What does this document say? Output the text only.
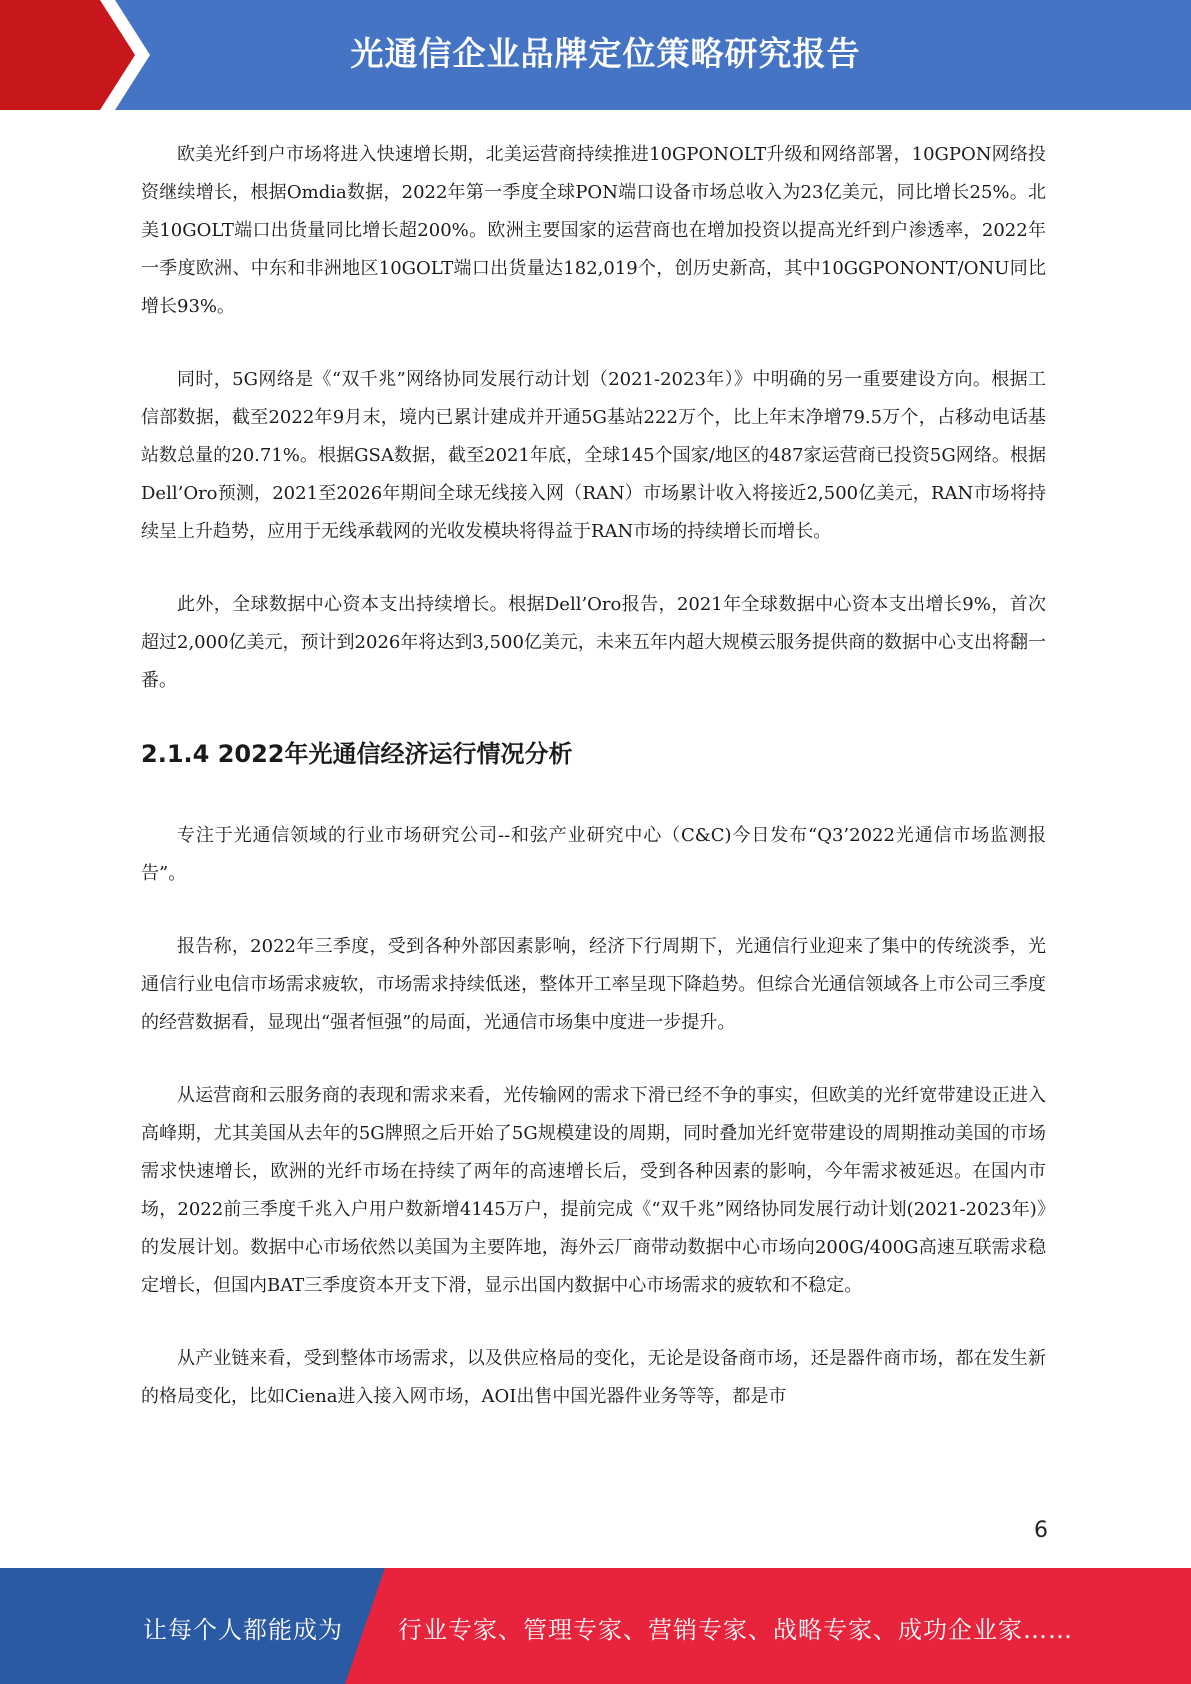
光通信企业品牌定位策略研究报告

欧美光纤到户市场将进入快速增长期，北美运营商持续推进10GPONOLT升级和网络部署，10GPON网络投资继续增长，根据Omdia数据，2022年第一季度全球PON端口设备市场总收入为23亿美元，同比增长25%。北美10GOLT端口出货量同比增长超200%。欧洲主要国家的运营商也在增加投资以提高光纤到户渗透率，2022年一季度欧洲、中东和非洲地区10GOLT端口出货量达182,019个，创历史新高，其中10GGPONONT/ONU同比增长93%。

同时，5G网络是《“双千兆”网络协同发展行动计划（2021-2023年）》中明确的另一重要建设方向。根据工信部数据，截至2022年9月末，境内已累计建成并开通5G基站222万个，比上年末净增79.5万个，占移动电话基站数总量的20.71%。根据GSA数据，截至2021年底，全球145个国家/地区的487家运营商已投资5G网络。根据Dell’Oro预测，2021至2026年期间全球无线接入网（RAN）市场累计收入将接近2,500亿美元，RAN市场将持续呈上升趋势，应用于无线承载网的光收发模块将得益于RAN市场的持续增长而增长。

此外，全球数据中心资本支出持续增长。根据Dell’Oro报告，2021年全球数据中心资本支出增长9%，首次超过2,000亿美元，预计到2026年将达到3,500亿美元，未来五年内超大规模云服务提供商的数据中心支出将翻一番。

2.1.4 2022年光通信经济运行情况分析

专注于光通信领域的行业市场研究公司--和弦产业研究中心（C&C)今日发布“Q3’2022光通信市场监测报告”。

报告称，2022年三季度，受到各种外部因素影响，经济下行周期下，光通信行业迎来了集中的传统淡季，光通信行业电信市场需求疲软，市场需求持续低迷，整体开工率呈现下降趋势。但综合光通信领域各上市公司三季度的经营数据看，显现出“强者恒强”的局面，光通信市场集中度进一步提升。

从运营商和云服务商的表现和需求来看，光传输网的需求下滑已经不争的事实，但欧美的光纤宽带建设正进入高峰期，尤其美国从去年的5G牌照之后开始了5G规模建设的周期，同时叠加光纤宽带建设的周期推动美国的市场需求快速增长，欧洲的光纤市场在持续了两年的高速增长后，受到各种因素的影响，今年需求被延迟。在国内市场，2022前三季度千兆入户用户数新增4145万户，提前完成《“双千兆”网络协同发展行动计划(2021-2023年)》的发展计划。数据中心市场依然以美国为主要阵地，海外云厂商带动数据中心市场向200G/400G高速互联需求稳定增长，但国内BAT三季度资本开支下滑，显示出国内数据中心市场需求的疲软和不稳定。

从产业链来看，受到整体市场需求，以及供应格局的变化，无论是设备商市场，还是器件商市场，都在发生新的格局变化，比如Ciena进入接入网市场，AOI出售中国光器件业务等等，都是市

6
让每个人都能成为 行业专家、管理专家、营销专家、战略专家、成功企业家……
